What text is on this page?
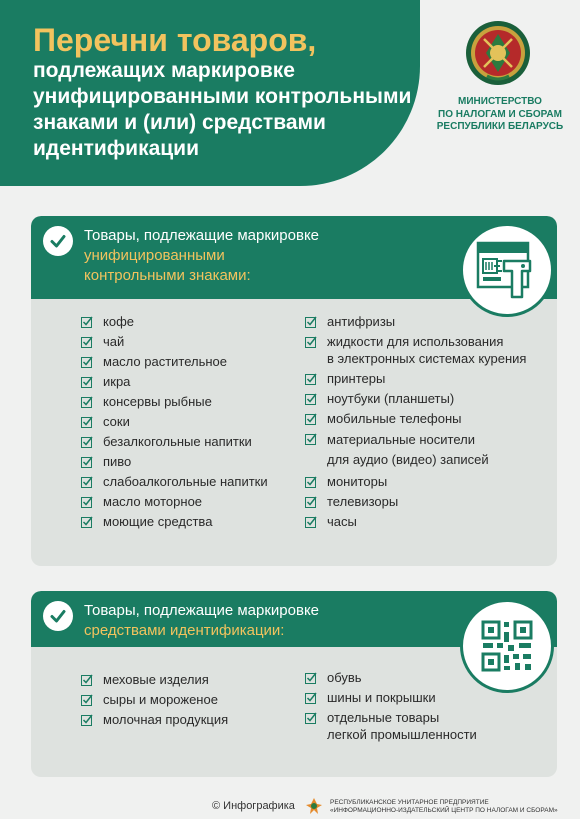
Перечни товаров,
подлежащих маркировке
унифицированными контрольными
знаками и (или) средствами
идентификации
МИНИСТЕРСТВО
ПО НАЛОГАМ И СБОРАМ
РЕСПУБЛИКИ БЕЛАРУСЬ
Товары, подлежащие маркировке
унифицированными
контрольными знаками:
кофе
чай
масло растительное
икра
консервы рыбные
соки
безалкогольные напитки
пиво
слабоалкогольные напитки
масло моторное
моющие средства
антифризы
жидкости для использования
в электронных системах курения
принтеры
ноутбуки (планшеты)
мобильные телефоны
материальные носители
для аудио (видео) записей
мониторы
телевизоры
часы
Товары, подлежащие маркировке
средствами идентификации:
меховые изделия
сыры и мороженое
молочная продукция
обувь
шины и покрышки
отдельные товары
легкой промышленности
© Инфографика	РЕСПУБЛИКАНСКОЕ УНИТАРНОЕ ПРЕДПРИЯТИЕ
«ИНФОРМАЦИОННО-ИЗДАТЕЛЬСКИЙ ЦЕНТР ПО НАЛОГАМ И СБОРАМ»
